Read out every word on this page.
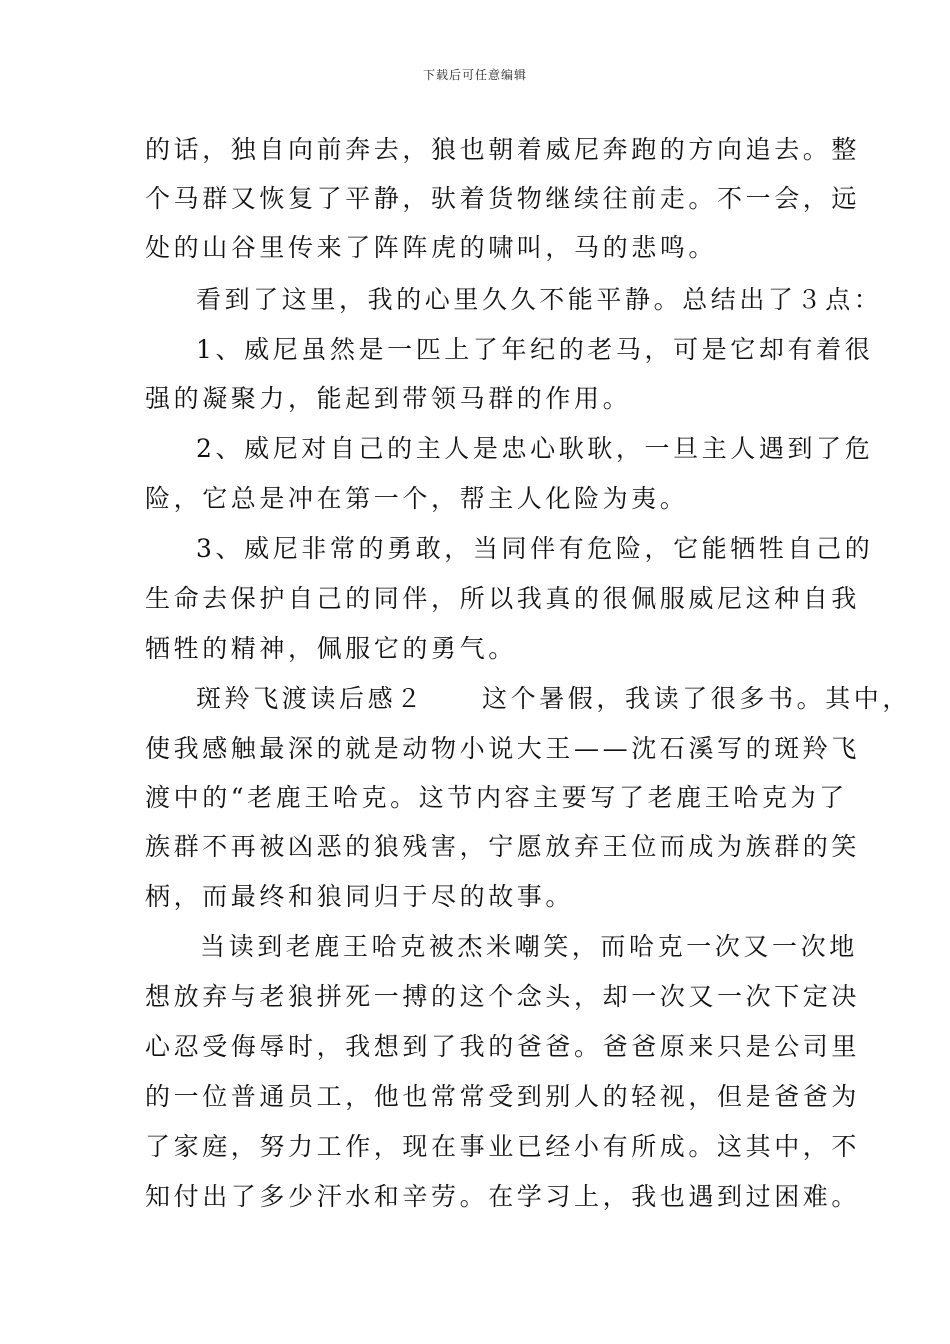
下载后可任意编辑
的话，独自向前奔去，狼也朝着威尼奔跑的方向追去。整
个马群又恢复了平静，驮着货物继续往前走。不一会，远
处的山谷里传来了阵阵虎的啸叫，马的悲鸣。
看到了这里，我的心里久久不能平静。总结出了３点：
1、威尼虽然是一匹上了年纪的老马，可是它却有着很
强的凝聚力，能起到带领马群的作用。
2、威尼对自己的主人是忠心耿耿，一旦主人遇到了危
险，它总是冲在第一个，帮主人化险为夷。
3、威尼非常的勇敢，当同伴有危险，它能牺牲自己的
生命去保护自己的同伴，所以我真的很佩服威尼这种自我
牺牲的精神，佩服它的勇气。
斑羚飞渡读后感２　　这个暑假，我读了很多书。其中，
使我感触最深的就是动物小说大王——沈石溪写的斑羚飞
渡中的“老鹿王哈克。这节内容主要写了老鹿王哈克为了
族群不再被凶恶的狼残害，宁愿放弃王位而成为族群的笑
柄，而最终和狼同归于尽的故事。
当读到老鹿王哈克被杰米嘲笑，而哈克一次又一次地
想放弃与老狼拼死一搏的这个念头，却一次又一次下定决
心忍受侮辱时，我想到了我的爸爸。爸爸原来只是公司里
的一位普通员工，他也常常受到别人的轻视，但是爸爸为
了家庭，努力工作，现在事业已经小有所成。这其中，不
知付出了多少汗水和辛劳。在学习上，我也遇到过困难。
